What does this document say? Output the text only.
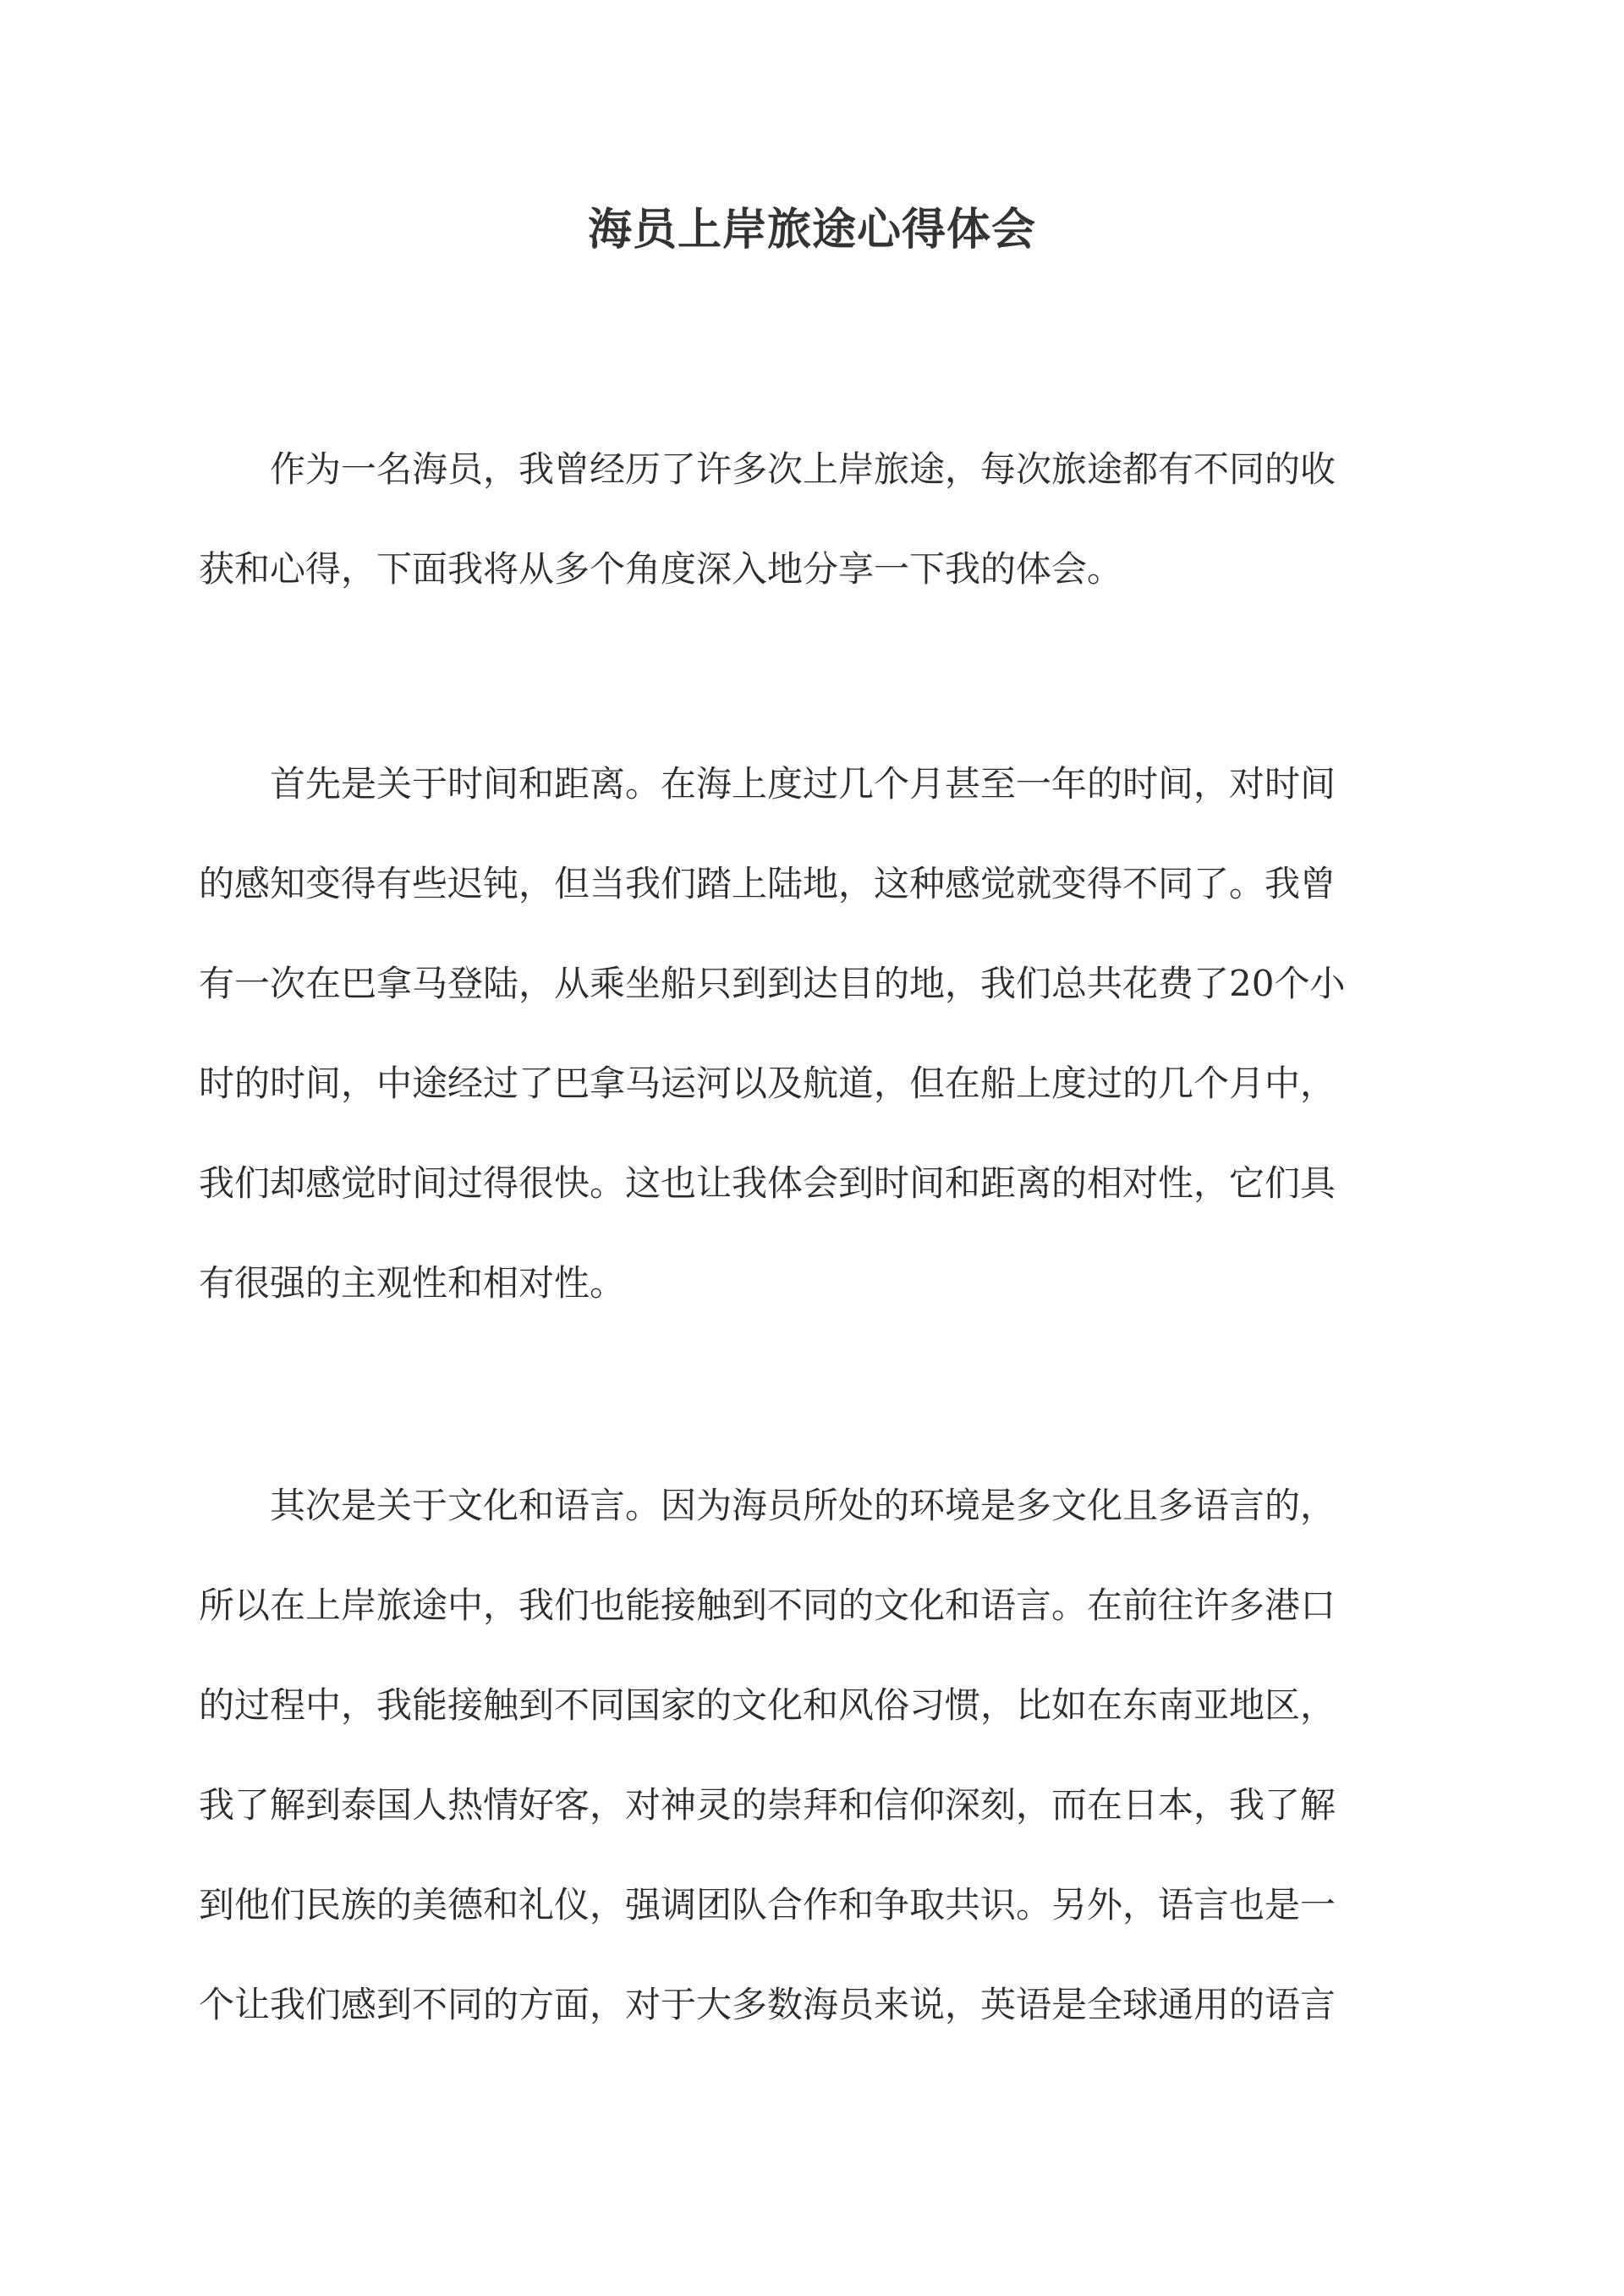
海员上岸旅途心得体会
　　作为一名海员，我曾经历了许多次上岸旅途，每次旅途都有不同的收
获和心得，下面我将从多个角度深入地分享一下我的体会。
　　首先是关于时间和距离。在海上度过几个月甚至一年的时间，对时间
的感知变得有些迟钝，但当我们踏上陆地，这种感觉就变得不同了。我曾
有一次在巴拿马登陆，从乘坐船只到到达目的地，我们总共花费了20个小
时的时间，中途经过了巴拿马运河以及航道，但在船上度过的几个月中，
我们却感觉时间过得很快。这也让我体会到时间和距离的相对性，它们具
有很强的主观性和相对性。
　　其次是关于文化和语言。因为海员所处的环境是多文化且多语言的，
所以在上岸旅途中，我们也能接触到不同的文化和语言。在前往许多港口
的过程中，我能接触到不同国家的文化和风俗习惯，比如在东南亚地区，
我了解到泰国人热情好客，对神灵的崇拜和信仰深刻，而在日本，我了解
到他们民族的美德和礼仪，强调团队合作和争取共识。另外，语言也是一
个让我们感到不同的方面，对于大多数海员来说，英语是全球通用的语言
